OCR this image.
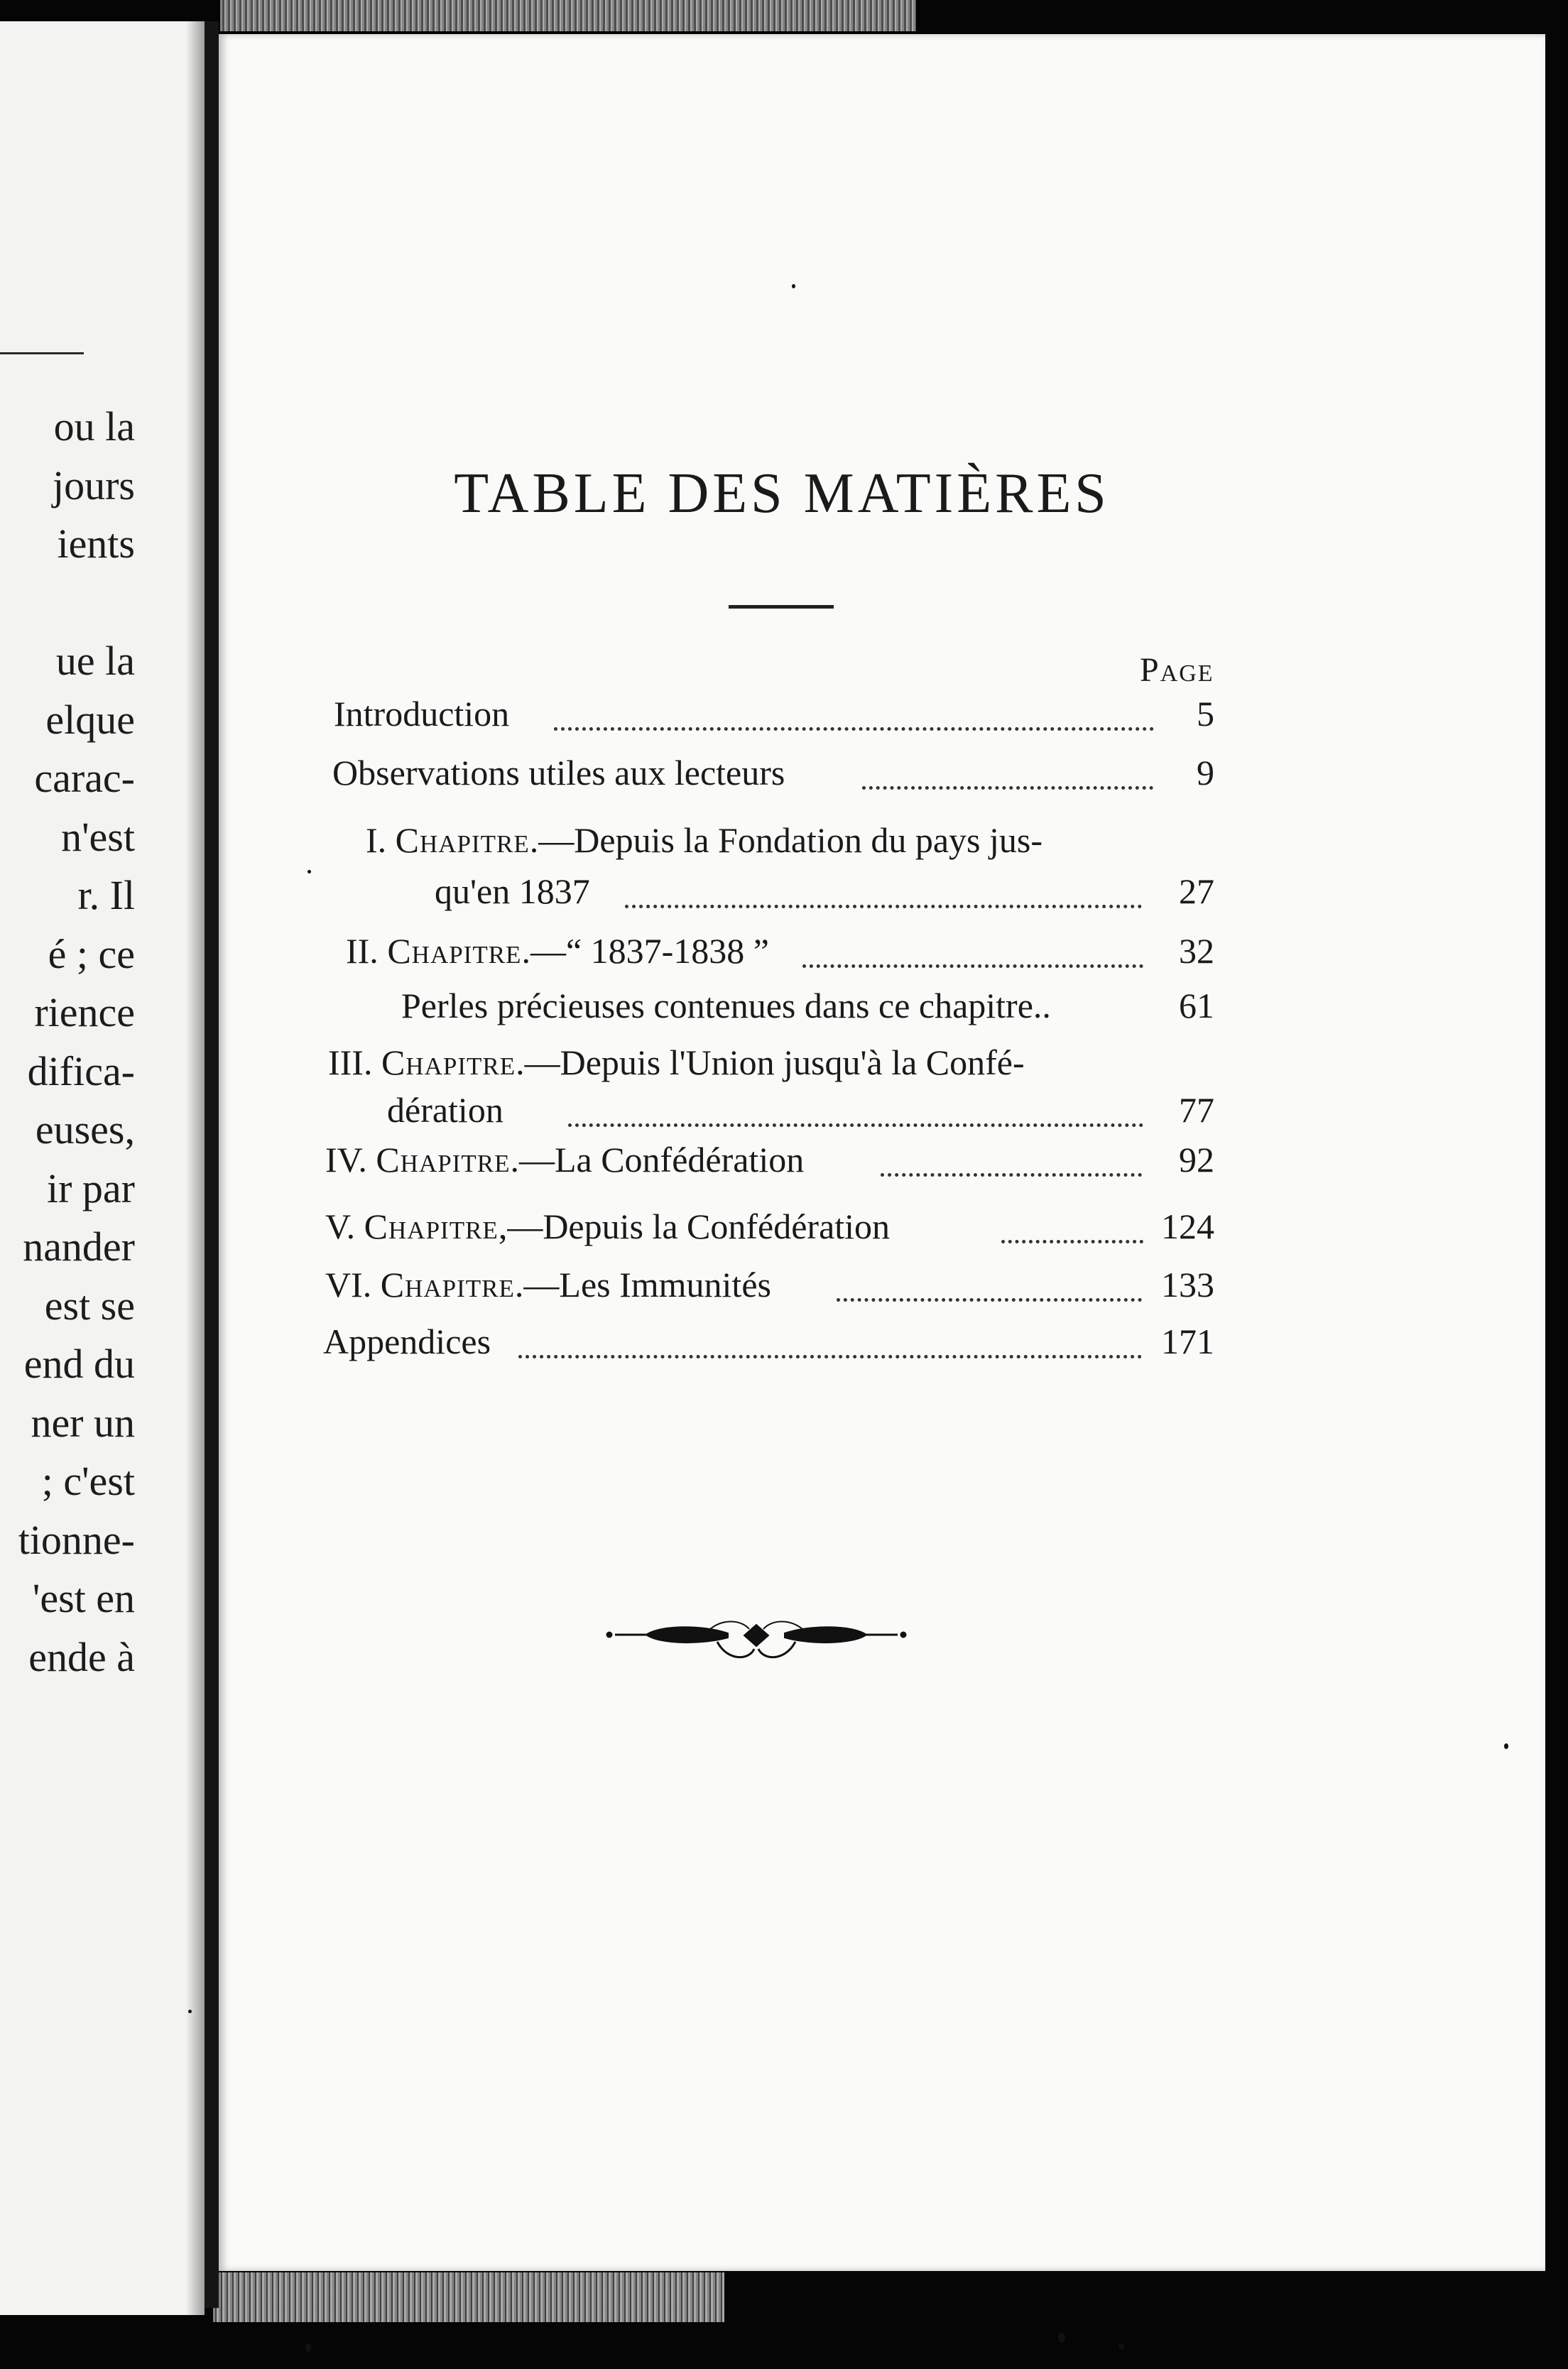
ou la
jours
ients
ue la
elque
carac-
n'est
r. Il
é ; ce
rience
difica-
euses,
ir par
nander
est se
end du
ner un
; c'est
tionne-
'est en
ende à
TABLE DES MATIÈRES
Page
Introduction	5
Observations utiles aux lecteurs	9
I. Chapitre.—Depuis la Fondation du pays jus-
qu'en 1837	27
II. Chapitre.—“ 1837-1838 ”	32
Perles précieuses contenues dans ce chapitre..	61
III. Chapitre.—Depuis l'Union jusqu'à la Confé-
dération	77
IV. Chapitre.—La Confédération	92
V. Chapitre,—Depuis la Confédération	124
VI. Chapitre.—Les Immunités	133
Appendices	171
